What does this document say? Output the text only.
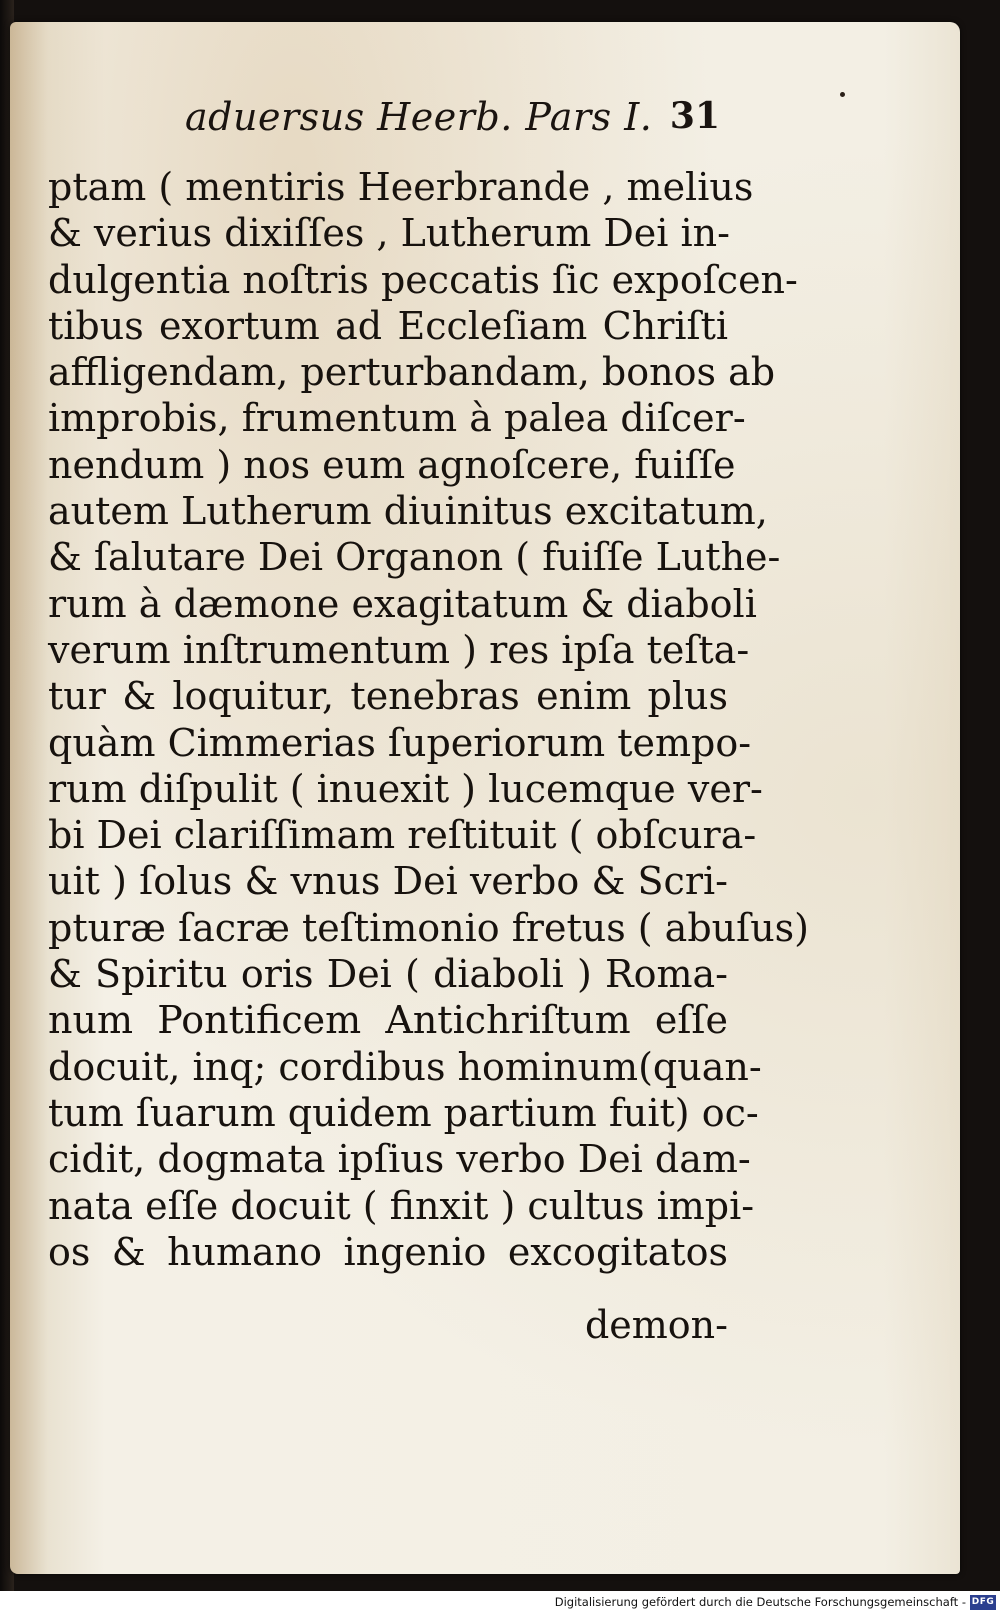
aduersus Heerb. Pars I. 31
ptam ( mentiris Heerbrande , melius
& verius dixiſſes , Lutherum Dei in-
dulgentia noſtris peccatis ſic expoſcen-
tibus exortum ad Eccleſiam Chriſti
affligendam, perturbandam, bonos ab
improbis, frumentum à palea diſcer-
nendum ) nos eum agnoſcere, fuiſſe
autem Lutherum diuinitus excitatum,
& ſalutare Dei Organon ( fuiſſe Luthe-
rum à dæmone exagitatum & diaboli
verum inſtrumentum ) res ipſa teſta-
tur & loquitur, tenebras enim plus
quàm Cimmerias ſuperiorum tempo-
rum diſpulit ( inuexit ) lucemque ver-
bi Dei clariſſimam reſtituit ( obſcura-
uit ) ſolus & vnus Dei verbo & Scri-
pturæ ſacræ teſtimonio fretus ( abuſus)
& Spiritu oris Dei ( diaboli ) Roma-
num Pontificem Antichriſtum eſſe
docuit, inq; cordibus hominum(quan-
tum ſuarum quidem partium fuit) oc-
cidit, dogmata ipſius verbo Dei dam-
nata eſſe docuit ( finxit ) cultus impi-
os & humano ingenio excogitatos
demon-
Digitalisierung gefördert durch die Deutsche Forschungsgemeinschaft - DFG
